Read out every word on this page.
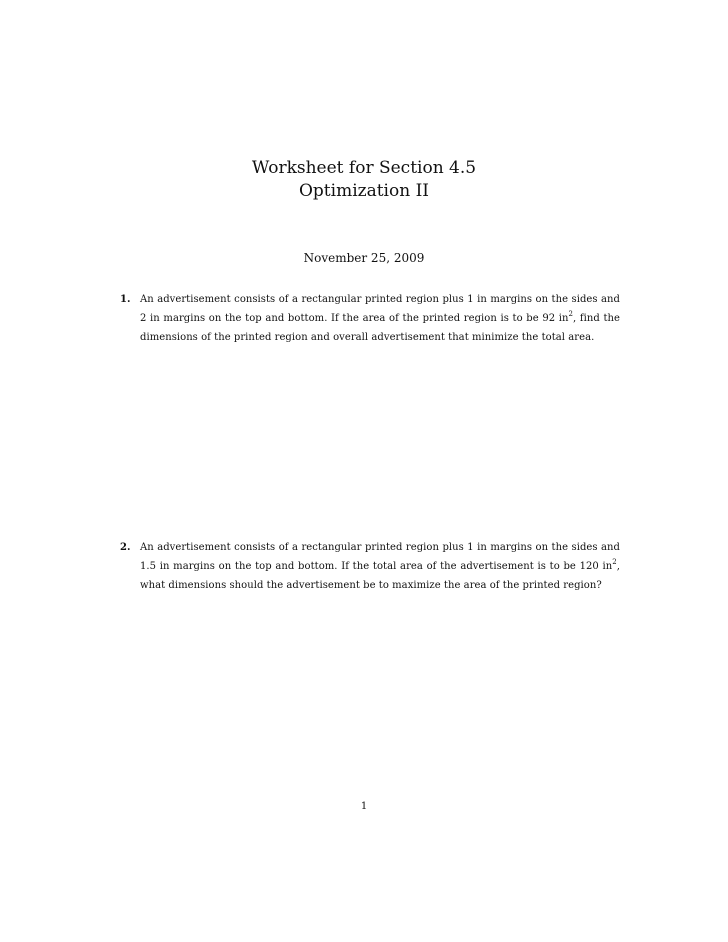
Worksheet for Section 4.5
Optimization II
November 25, 2009
1. An advertisement consists of a rectangular printed region plus 1 in margins on the sides and 2 in margins on the top and bottom. If the area of the printed region is to be 92 $in^2$, find the dimensions of the printed region and overall advertisement that minimize the total area.
2. An advertisement consists of a rectangular printed region plus 1 in margins on the sides and 1.5 in margins on the top and bottom. If the total area of the advertisement is to be 120 $in^2$, what dimensions should the advertisement be to maximize the area of the printed region?
1
